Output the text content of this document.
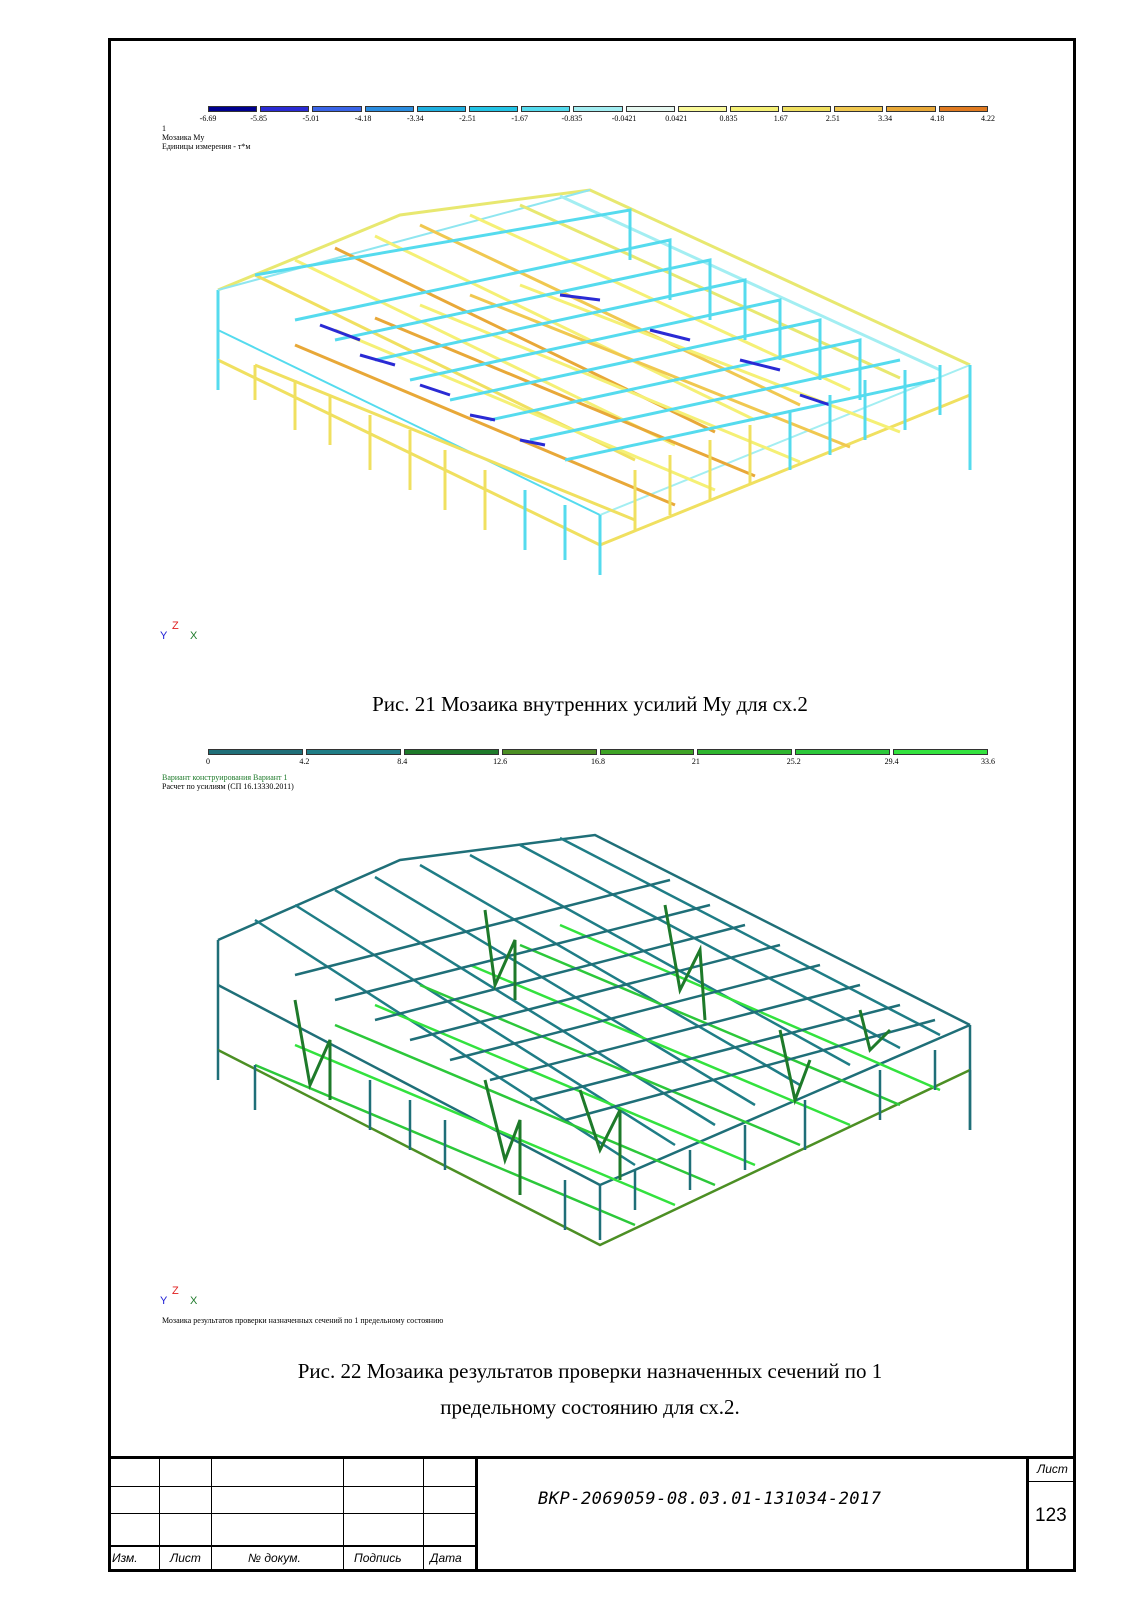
-6.69	-5.85	-5.01	-4.18	-3.34	-2.51	-1.67	-0.835	-0.0421	0.0421	0.835	1.67	2.51	3.34	4.18	4.22
1
Мозаика My
Единицы измерения - т*м
Y
Z
X
Рис. 21 Мозаика внутренних усилий Му для сх.2
0	4.2	8.4	12.6	16.8	21	25.2	29.4	33.6
Вариант конструирования Вариант 1
Расчет по усилиям (СП 16.13330.2011)
Y
Z
X
Мозаика результатов проверки назначенных сечений по 1 предельному состоянию
Рис. 22 Мозаика результатов проверки назначенных сечений по 1
предельному состоянию для сх.2.
Изм.	Лист	№ докум.	Подпись Дата
ВКР-2069059-08.03.01-131034-2017
Лист
123
